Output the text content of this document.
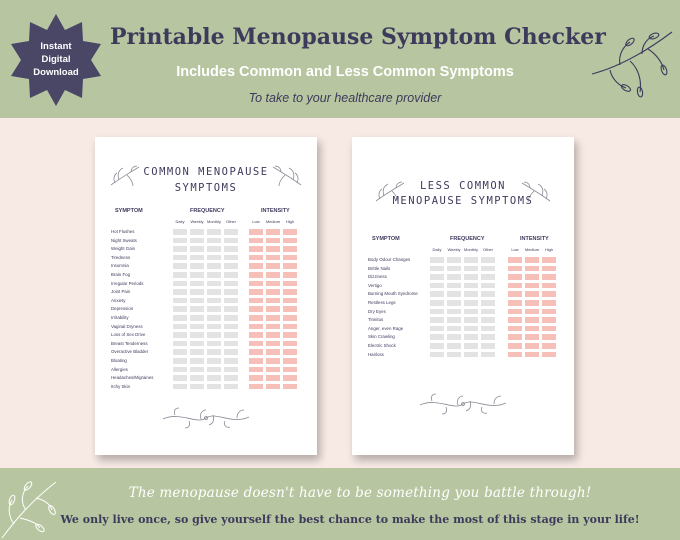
Instant
Digital
Download
Printable Menopause Symptom Checker
Includes Common and Less Common Symptoms
To take to your healthcare provider
COMMON MENOPAUSE
SYMPTOMS
SYMPTOM	FREQUENCY	INTENSITY
Daily	Weekly Monthly	Other	Low	Medium	High
Hot Flushes
Night Sweats
Weight Gain
Tiredness
Insomnia
Brain Fog
Irregular Periods
Joint Pain
Anxiety
Depression
Irritability
Vaginal Dryness
Loss of Sex Drive
Breast Tenderness
Overactive Bladder
Bloating
Allergies
Headaches/Migraines
Itchy Skin
LESS COMMON
MENOPAUSE SYMPTOMS
SYMPTOM	FREQUENCY	INTENSITY
Daily	Weekly Monthly	Other	Low	Medium	High
Body Odour Changes
Brittle Nails
Dizziness
Vertigo
Burning Mouth Syndrome
Restless Legs
Dry Eyes
Tinnitus
Anger, even Rage
Skin Crawling
Electric Shock
Hairloss
The menopause doesn't have to be something you battle through!
We only live once, so give yourself the best chance to make the most of this stage in your life!
